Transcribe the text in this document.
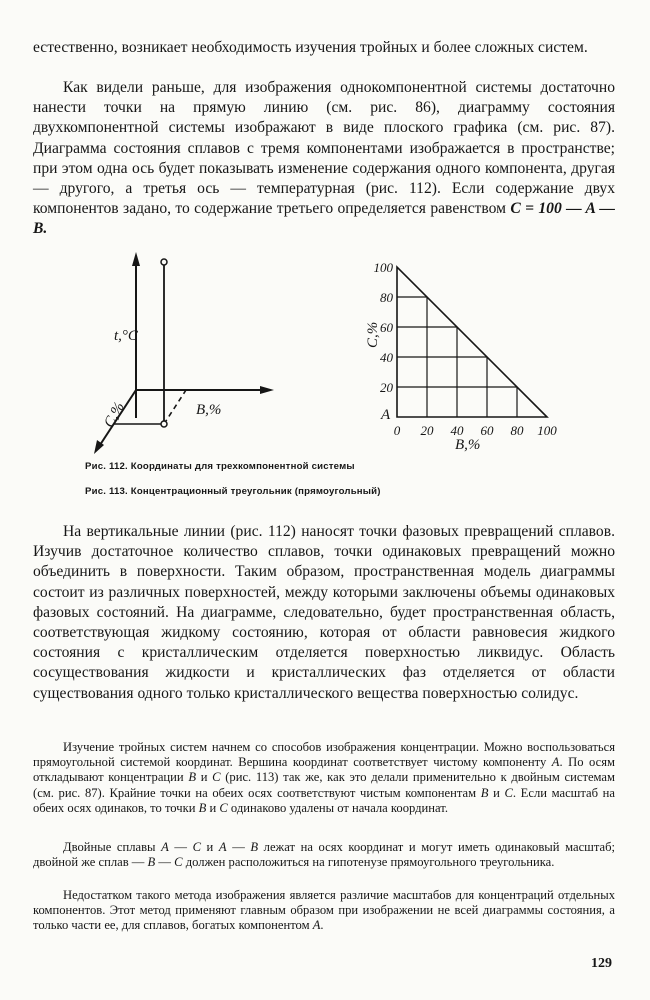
естественно, возникает необходимость изучения тройных и более сложных систем.

Как видели раньше, для изображения однокомпонентной системы достаточно нанести точки на прямую линию (см. рис. 86), диаграмму состояния двухкомпонентной системы изображают в виде плоского графика (см. рис. 87). Диаграмма состояния сплавов с тремя компонентами изображается в пространстве; при этом одна ось будет показывать изменение содержания одного компонента, другая — другого, а третья ось — температурная (рис. 112). Если содержание двух компонентов задано, то содержание третьего определяется равенством C = 100 — A — B.

t,°C
C,%	B,%
20
40
60
80
100
0 20 40 60 80 100
A
C,%
B,%

Рис. 112. Координаты для трехкомпонентной системы

Рис. 113. Концентрационный треугольник (прямоугольный)

На вертикальные линии (рис. 112) наносят точки фазовых превращений сплавов. Изучив достаточное количество сплавов, точки одинаковых превращений можно объединить в поверхности. Таким образом, пространственная модель диаграммы состоит из различных поверхностей, между которыми заключены объемы одинаковых фазовых состояний. На диаграмме, следовательно, будет пространственная область, соответствующая жидкому состоянию, которая от области равновесия жидкого состояния с кристаллическим отделяется поверхностью ликвидус. Область сосуществования жидкости и кристаллических фаз отделяется от области существования одного только кристаллического вещества поверхностью солидус.

Изучение тройных систем начнем со способов изображения концентрации. Можно воспользоваться прямоугольной системой координат. Вершина координат соответствует чистому компоненту A. По осям откладывают концентрации B и C (рис. 113) так же, как это делали применительно к двойным системам (см. рис. 87). Крайние точки на обеих осях соответствуют чистым компонентам B и C. Если масштаб на обеих осях одинаков, то точки B и C одинаково удалены от начала координат.

Двойные сплавы A — C и A — B лежат на осях координат и могут иметь одинаковый масштаб; двойной же сплав — B — C должен расположиться на гипотенузе прямоугольного треугольника.

Недостатком такого метода изображения является различие масштабов для концентраций отдельных компонентов. Этот метод применяют главным образом при изображении не всей диаграммы состояния, а только части ее, для сплавов, богатых компонентом A.

129
